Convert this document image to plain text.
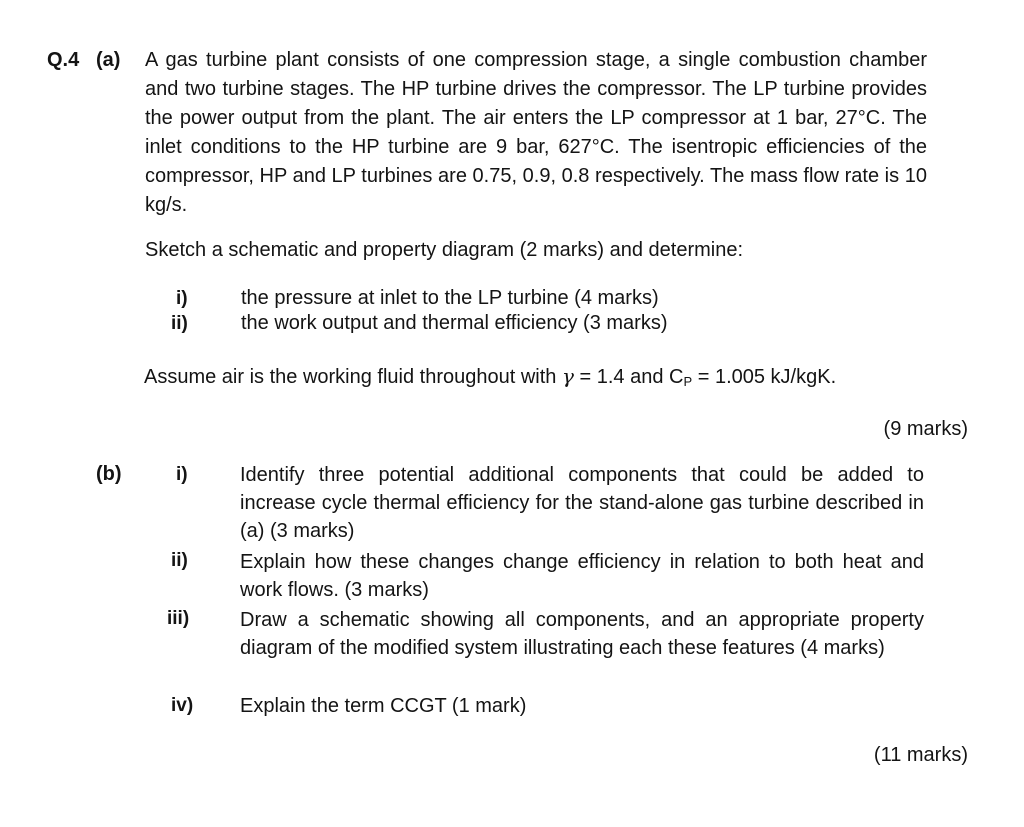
Q.4 (a) A gas turbine plant consists of one compression stage, a single combustion chamber and two turbine stages. The HP turbine drives the compressor. The LP turbine provides the power output from the plant. The air enters the LP compressor at 1 bar, 27°C. The inlet conditions to the HP turbine are 9 bar, 627°C. The isentropic efficiencies of the compressor, HP and LP turbines are 0.75, 0.9, 0.8 respectively. The mass flow rate is 10 kg/s.
Sketch a schematic and property diagram (2 marks) and determine:
i)	the pressure at inlet to the LP turbine (4 marks)
ii)	the work output and thermal efficiency (3 marks)
Assume air is the working fluid throughout with γ = 1.4 and CP = 1.005 kJ/kgK.
(9 marks)
(b)	i)	Identify three potential additional components that could be added to increase cycle thermal efficiency for the stand-alone gas turbine described in (a) (3 marks)
ii)	Explain how these changes change efficiency in relation to both heat and work flows. (3 marks)
iii)	Draw a schematic showing all components, and an appropriate property diagram of the modified system illustrating each these features (4 marks)
iv) Explain the term CCGT (1 mark)
(11 marks)
